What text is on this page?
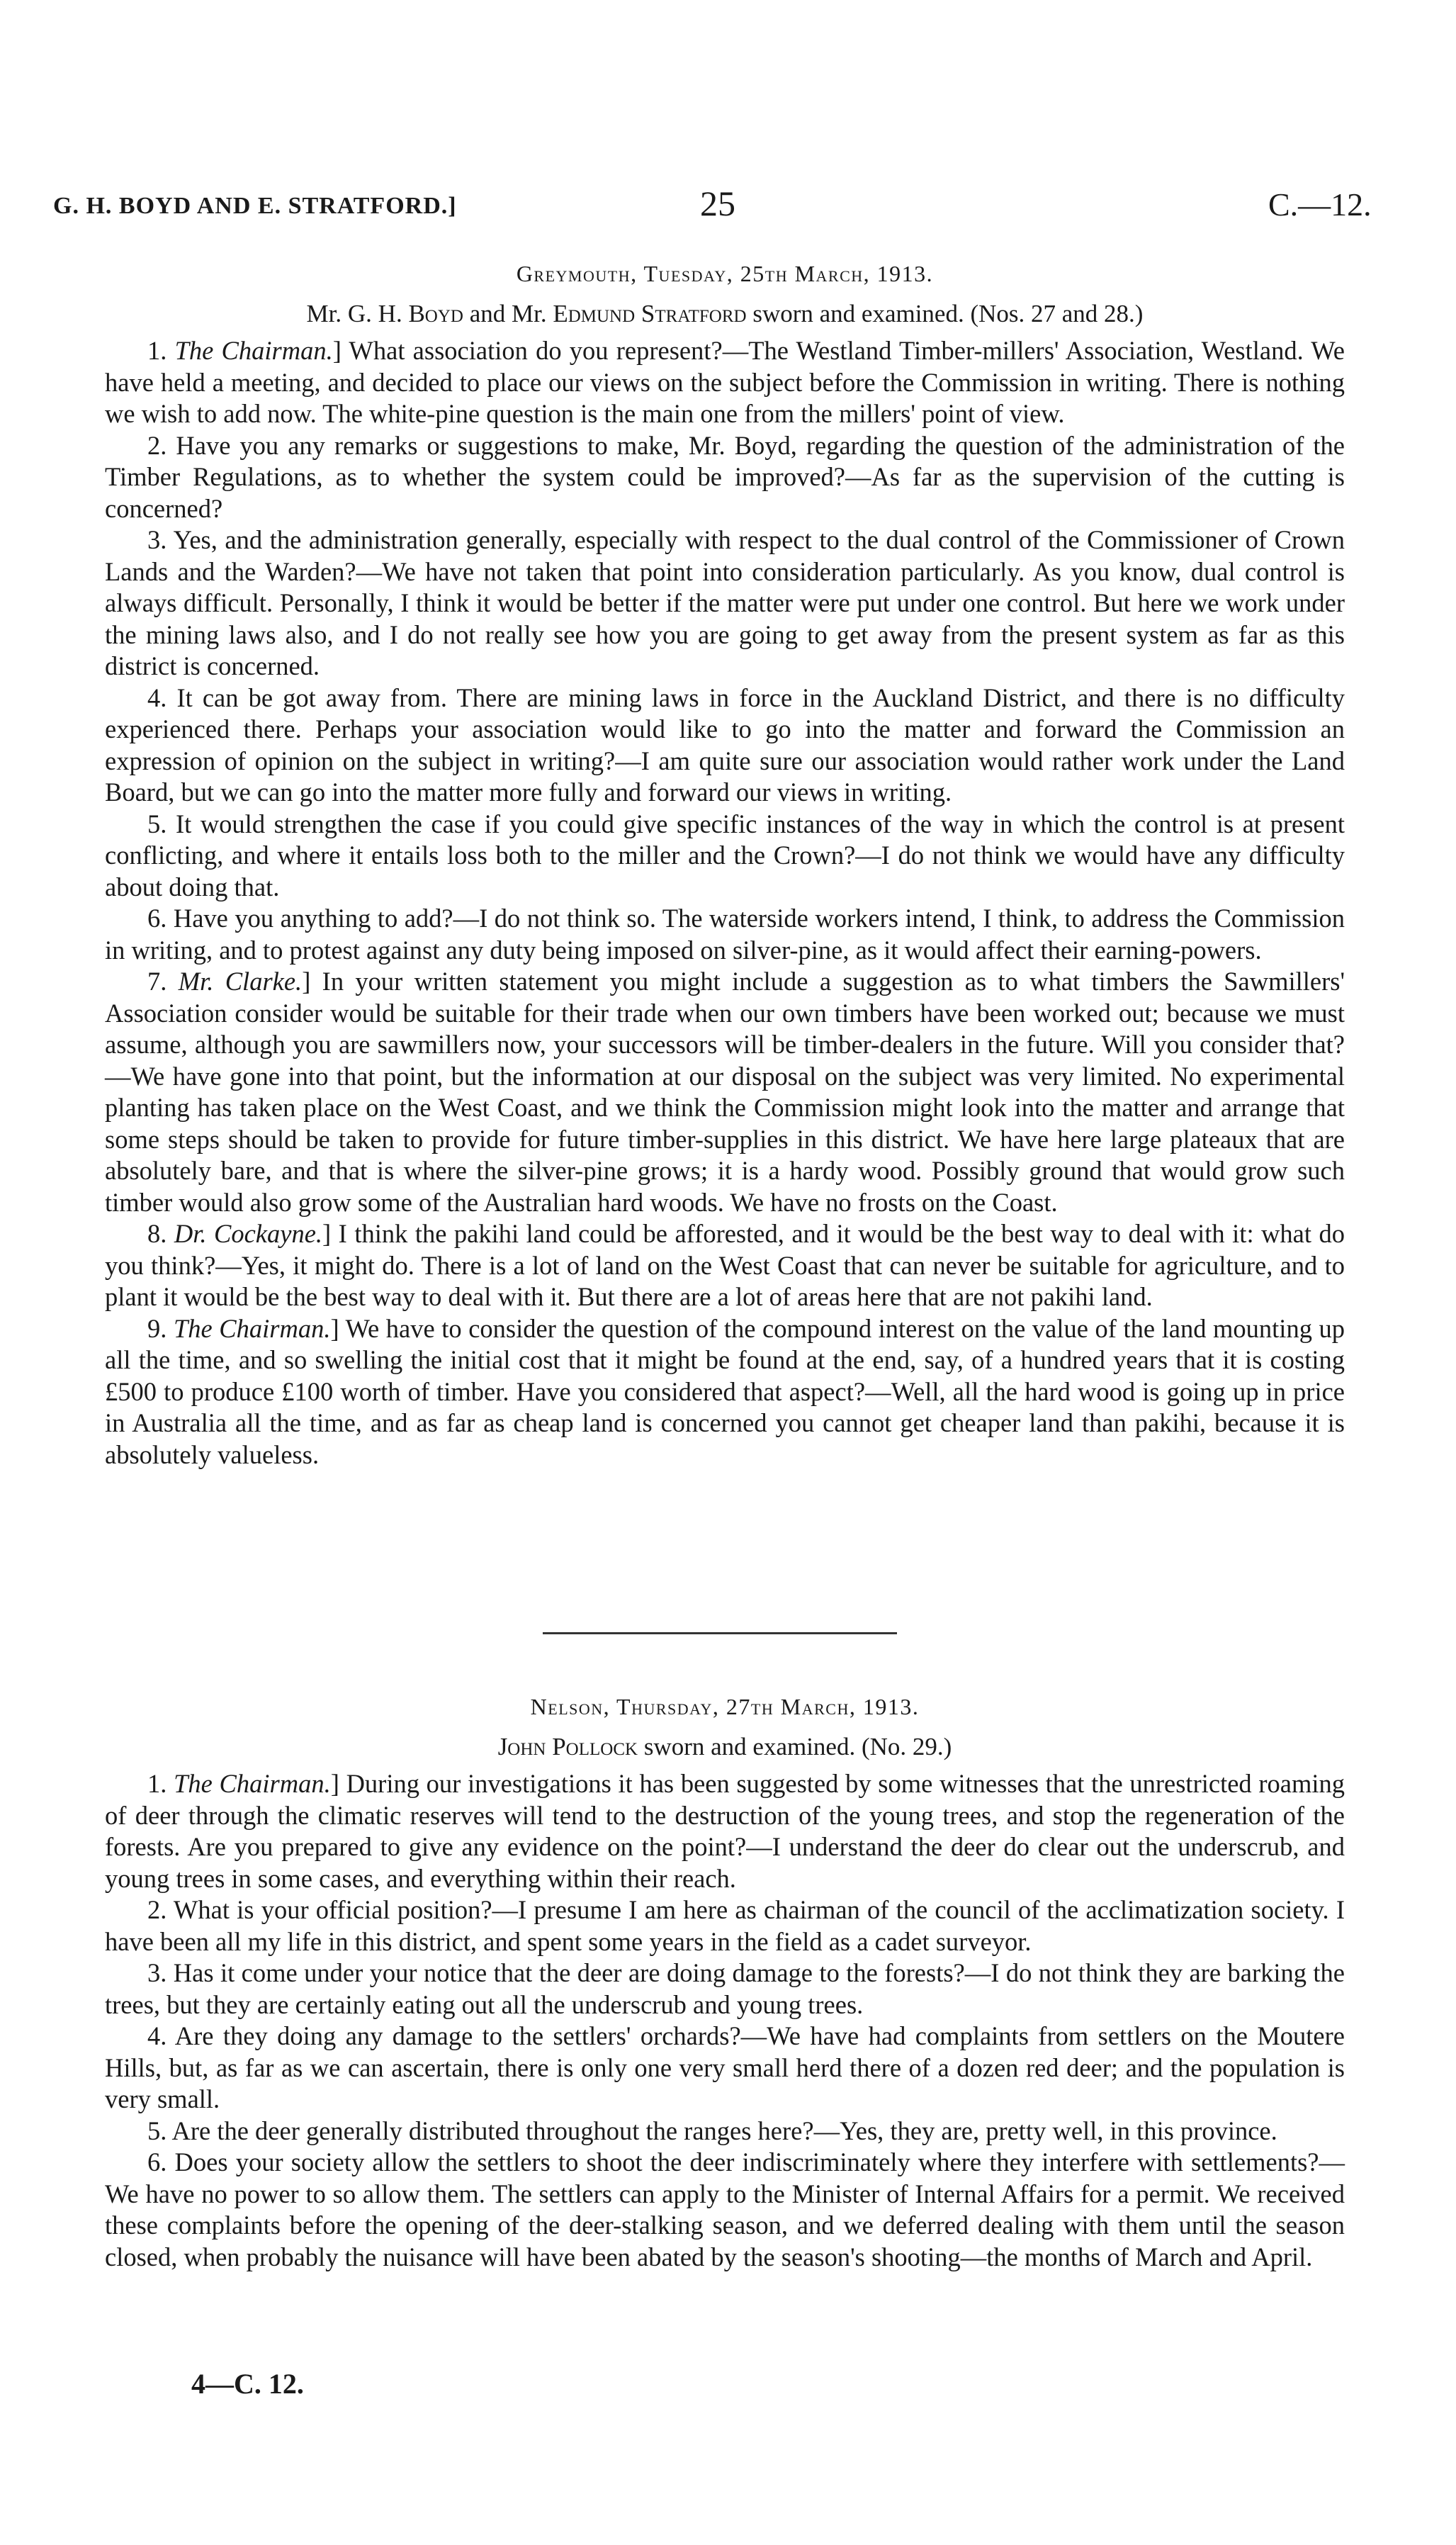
G. H. BOYD AND E. STRATFORD.]	25	C.—12.
Greymouth, Tuesday, 25th March, 1913.
Mr. G. H. Boyd and Mr. Edmund Stratford sworn and examined. (Nos. 27 and 28.)

1. The Chairman.] What association do you represent?—The Westland Timber-millers' Association, Westland. We have held a meeting, and decided to place our views on the subject before the Commission in writing. There is nothing we wish to add now. The white-pine question is the main one from the millers' point of view.

2. Have you any remarks or suggestions to make, Mr. Boyd, regarding the question of the administration of the Timber Regulations, as to whether the system could be improved?—As far as the supervision of the cutting is concerned?

3. Yes, and the administration generally, especially with respect to the dual control of the Commissioner of Crown Lands and the Warden?—We have not taken that point into consideration particularly. As you know, dual control is always difficult. Personally, I think it would be better if the matter were put under one control. But here we work under the mining laws also, and I do not really see how you are going to get away from the present system as far as this district is concerned.

4. It can be got away from. There are mining laws in force in the Auckland District, and there is no difficulty experienced there. Perhaps your association would like to go into the matter and forward the Commission an expression of opinion on the subject in writing?—I am quite sure our association would rather work under the Land Board, but we can go into the matter more fully and forward our views in writing.

5. It would strengthen the case if you could give specific instances of the way in which the control is at present conflicting, and where it entails loss both to the miller and the Crown?—I do not think we would have any difficulty about doing that.

6. Have you anything to add?—I do not think so. The waterside workers intend, I think, to address the Commission in writing, and to protest against any duty being imposed on silver-pine, as it would affect their earning-powers.

7. Mr. Clarke.] In your written statement you might include a suggestion as to what timbers the Sawmillers' Association consider would be suitable for their trade when our own timbers have been worked out; because we must assume, although you are sawmillers now, your successors will be timber-dealers in the future. Will you consider that?—We have gone into that point, but the information at our disposal on the subject was very limited. No experimental planting has taken place on the West Coast, and we think the Commission might look into the matter and arrange that some steps should be taken to provide for future timber-supplies in this district. We have here large plateaux that are absolutely bare, and that is where the silver-pine grows; it is a hardy wood. Possibly ground that would grow such timber would also grow some of the Australian hard woods. We have no frosts on the Coast.

8. Dr. Cockayne.] I think the pakihi land could be afforested, and it would be the best way to deal with it: what do you think?—Yes, it might do. There is a lot of land on the West Coast that can never be suitable for agriculture, and to plant it would be the best way to deal with it. But there are a lot of areas here that are not pakihi land.

9. The Chairman.] We have to consider the question of the compound interest on the value of the land mounting up all the time, and so swelling the initial cost that it might be found at the end, say, of a hundred years that it is costing £500 to produce £100 worth of timber. Have you considered that aspect?—Well, all the hard wood is going up in price in Australia all the time, and as far as cheap land is concerned you cannot get cheaper land than pakihi, because it is absolutely valueless.

Nelson, Thursday, 27th March, 1913.
John Pollock sworn and examined. (No. 29.)

1. The Chairman.] During our investigations it has been suggested by some witnesses that the unrestricted roaming of deer through the climatic reserves will tend to the destruction of the young trees, and stop the regeneration of the forests. Are you prepared to give any evidence on the point?—I understand the deer do clear out the underscrub, and young trees in some cases, and everything within their reach.

2. What is your official position?—I presume I am here as chairman of the council of the acclimatization society. I have been all my life in this district, and spent some years in the field as a cadet surveyor.

3. Has it come under your notice that the deer are doing damage to the forests?—I do not think they are barking the trees, but they are certainly eating out all the underscrub and young trees.

4. Are they doing any damage to the settlers' orchards?—We have had complaints from settlers on the Moutere Hills, but, as far as we can ascertain, there is only one very small herd there of a dozen red deer; and the population is very small.

5. Are the deer generally distributed throughout the ranges here?—Yes, they are, pretty well, in this province.

6. Does your society allow the settlers to shoot the deer indiscriminately where they interfere with settlements?—We have no power to so allow them. The settlers can apply to the Minister of Internal Affairs for a permit. We received these complaints before the opening of the deer-stalking season, and we deferred dealing with them until the season closed, when probably the nuisance will have been abated by the season's shooting—the months of March and April.

4—C. 12.
